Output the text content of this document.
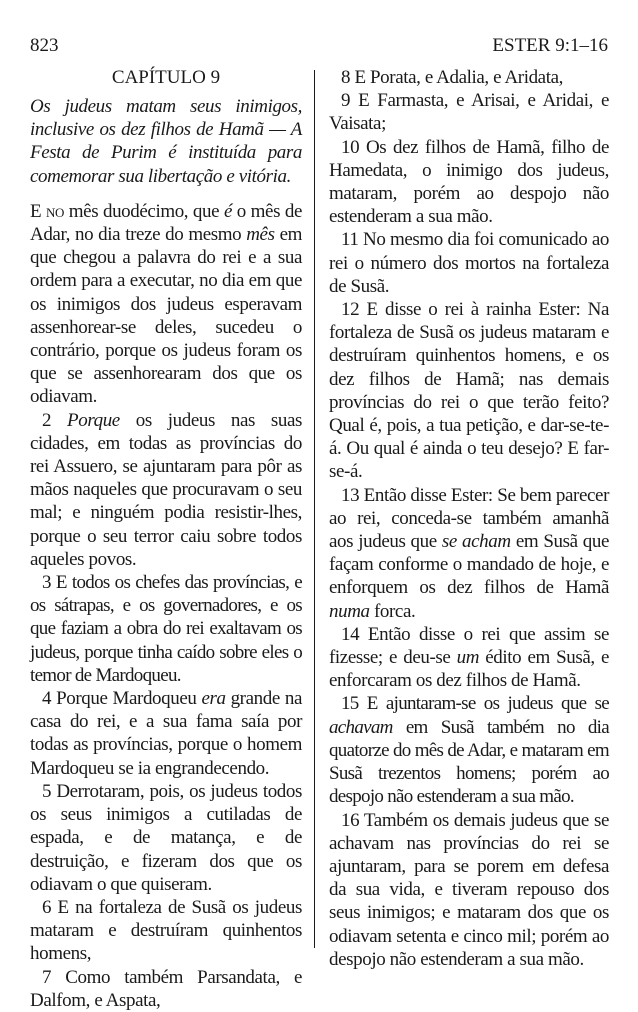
823	ESTER 9:1–16
CAPÍTULO 9

Os judeus matam seus inimigos, inclusive os dez filhos de Hamã — A Festa de Purim é instituída para comemorar sua libertação e vitória.

E no mês duodécimo, que é o mês de Adar, no dia treze do mesmo mês em que chegou a palavra do rei e a sua ordem para a executar, no dia em que os inimigos dos judeus esperavam assenhorear-se deles, sucedeu o contrário, porque os judeus foram os que se assenhorearam dos que os odiavam.

2 Porque os judeus nas suas cidades, em todas as províncias do rei Assuero, se ajuntaram para pôr as mãos naqueles que procuravam o seu mal; e ninguém podia resistir-lhes, porque o seu terror caiu sobre todos aqueles povos.

3 E todos os chefes das províncias, e os sátrapas, e os governadores, e os que faziam a obra do rei exaltavam os judeus, porque tinha caído sobre eles o temor de Mardoqueu.

4 Porque Mardoqueu era grande na casa do rei, e a sua fama saía por todas as províncias, porque o homem Mardoqueu se ia engrandecendo.

5 Derrotaram, pois, os judeus todos os seus inimigos a cutiladas de espada, e de matança, e de destruição, e fizeram dos que os odiavam o que quiseram.

6 E na fortaleza de Susã os judeus mataram e destruíram quinhentos homens,

7 Como também Parsandata, e Dalfom, e Aspata,

8 E Porata, e Adalia, e Aridata,

9 E Farmasta, e Arisai, e Aridai, e Vaisata;

10 Os dez filhos de Hamã, filho de Hamedata, o inimigo dos judeus, mataram, porém ao despojo não estenderam a sua mão.

11 No mesmo dia foi comunicado ao rei o número dos mortos na fortaleza de Susã.

12 E disse o rei à rainha Ester: Na fortaleza de Susã os judeus mataram e destruíram quinhentos homens, e os dez filhos de Hamã; nas demais províncias do rei o que terão feito? Qual é, pois, a tua petição, e dar-se-te-á. Ou qual é ainda o teu desejo? E far-se-á.

13 Então disse Ester: Se bem parecer ao rei, conceda-se também amanhã aos judeus que se acham em Susã que façam conforme o mandado de hoje, e enforquem os dez filhos de Hamã numa forca.

14 Então disse o rei que assim se fizesse; e deu-se um édito em Susã, e enforcaram os dez filhos de Hamã.

15 E ajuntaram-se os judeus que se achavam em Susã também no dia quatorze do mês de Adar, e mataram em Susã trezentos homens; porém ao despojo não estenderam a sua mão.

16 Também os demais judeus que se achavam nas províncias do rei se ajuntaram, para se porem em defesa da sua vida, e tiveram repouso dos seus inimigos; e mataram dos que os odiavam setenta e cinco mil; porém ao despojo não estenderam a sua mão.
